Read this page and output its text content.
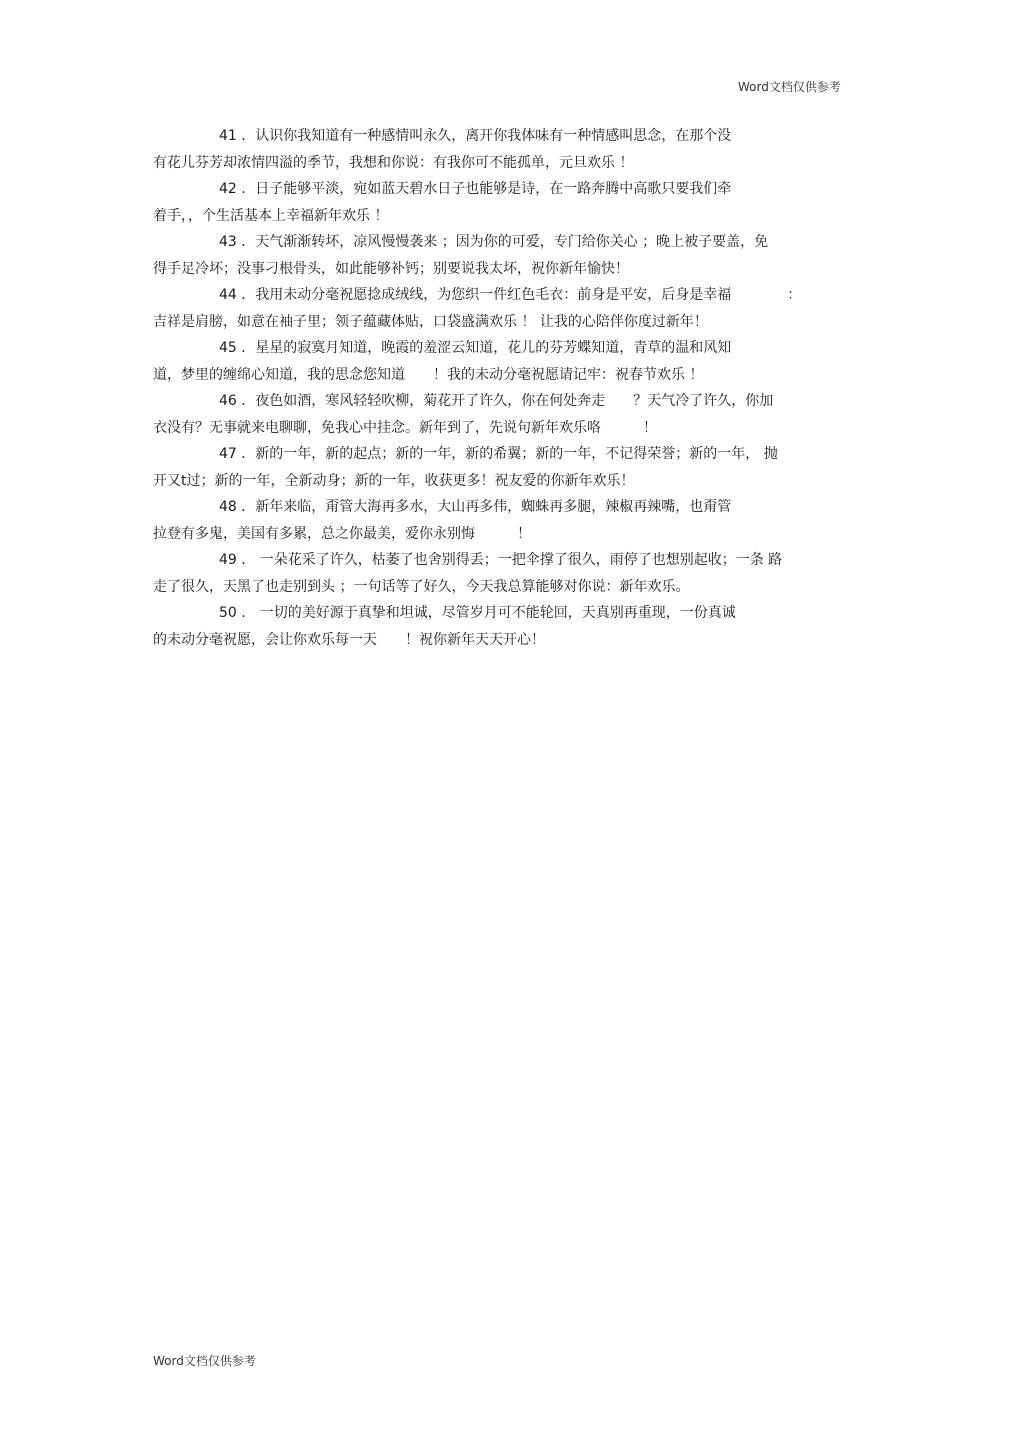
Word文档仅供参考

41 ．认识你我知道有一种感情叫永久，离开你我体味有一种情感叫思念，在那个没
有花儿芬芳却浓情四溢的季节，我想和你说：有我你可不能孤单，元旦欢乐 ！

42 ．日子能够平淡，宛如蓝天碧水日子也能够是诗，在一路奔腾中高歌只要我们牵
着手，，个生活基本上幸福新年欢乐 ！

43 ．天气渐渐转坏，凉风慢慢袭来 ；因为你的可爱，专门给你关心 ；晚上被子要盖，免
得手足冷坏；没事刁根骨头，如此能够补钙；别要说我太坏，祝你新年愉快！

44 ．我用未动分毫祝愿捻成绒线，为您织一件红色毛衣：前身是平安，后身是幸福　　　　：
吉祥是肩膀，如意在袖子里；领子蕴藏体贴，口袋盛满欢乐 ！ 让我的心陪伴你度过新年！

45 ．星星的寂寞月知道，晚霞的羞涩云知道，花儿的芬芳蝶知道，青草的温和风知
道，梦里的缠绵心知道，我的思念您知道　　！我的未动分毫祝愿请记牢：祝春节欢乐 ！

46 ．夜色如酒，寒风轻轻吹柳，菊花开了许久，你在何处奔走　　？天气冷了许久，你加
衣没有？无事就来电聊聊，免我心中挂念。新年到了，先说句新年欢乐咯　　　！

47 ．新的一年，新的起点；新的一年，新的希翼；新的一年，不记得荣誉；新的一年， 抛
开又t过；新的一年，全新动身；新的一年，收获更多！祝友爱的你新年欢乐！

48 ．新年来临，甭管大海再多水，大山再多伟，蜘蛛再多腿，辣椒再辣嘴，也甭管
拉登有多鬼，美国有多累，总之你最美，爱你永别悔　　　！

49 ． 一朵花采了许久，枯萎了也舍别得丢；一把伞撑了很久，雨停了也想别起收；一条 路
走了很久，天黑了也走别到头 ；一句话等了好久，今天我总算能够对你说：新年欢乐。

50 ． 一切的美好源于真挚和坦诚，尽管岁月可不能轮回，天真别再重现，一份真诚
的未动分毫祝愿，会让你欢乐每一天　　！祝你新年天天开心！

Word文档仅供参考
